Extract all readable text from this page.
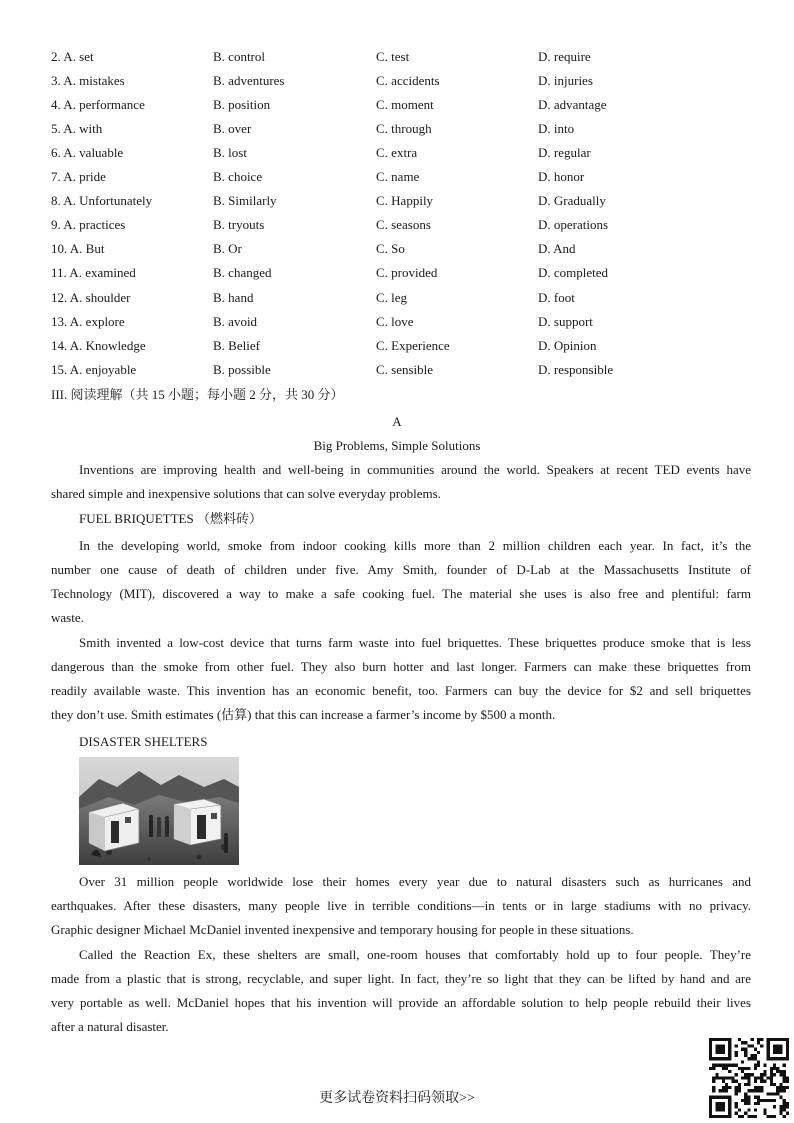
2. A. set	B. control	C. test	D. require
3. A. mistakes	B. adventures	C. accidents	D. injuries
4. A. performance	B. position	C. moment	D. advantage
5. A. with	B. over	C. through	D. into
6. A. valuable	B. lost	C. extra	D. regular
7. A. pride	B. choice	C. name	D. honor
8. A. Unfortunately	B. Similarly	C. Happily	D. Gradually
9. A. practices	B. tryouts	C. seasons	D. operations
10. A. But	B. Or	C. So	D. And
11. A. examined	B. changed	C. provided	D. completed
12. A. shoulder	B. hand	C. leg	D. foot
13. A. explore	B. avoid	C. love	D. support
14. A. Knowledge	B. Belief	C. Experience	D. Opinion
15. A. enjoyable	B. possible	C. sensible	D. responsible
III. 阅读理解（共 15 小题；每小题 2 分，共 30 分）
A
Big Problems, Simple Solutions
Inventions are improving health and well-being in communities around the world. Speakers at recent TED events have
shared simple and inexpensive solutions that can solve everyday problems.
FUEL BRIQUETTES （燃料砖）
In the developing world, smoke from indoor cooking kills more than 2 million children each year. In fact, it’s the
number one cause of death of children under five. Amy Smith, founder of D-Lab at the Massachusetts Institute of
Technology (MIT), discovered a way to make a safe cooking fuel. The material she uses is also free and plentiful: farm
waste.
Smith invented a low-cost device that turns farm waste into fuel briquettes. These briquettes produce smoke that is less
dangerous than the smoke from other fuel. They also burn hotter and last longer. Farmers can make these briquettes from
readily available waste. This invention has an economic benefit, too. Farmers can buy the device for $2 and sell briquettes
they don’t use. Smith estimates (估算) that this can increase a farmer’s income by $500 a month.
DISASTER SHELTERS
Over 31 million people worldwide lose their homes every year due to natural disasters such as hurricanes and
earthquakes. After these disasters, many people live in terrible conditions—in tents or in large stadiums with no privacy.
Graphic designer Michael McDaniel invented inexpensive and temporary housing for people in these situations.
Called the Reaction Ex, these shelters are small, one-room houses that comfortably hold up to four people. They’re
made from a plastic that is strong, recyclable, and super light. In fact, they’re so light that they can be lifted by hand and are
very portable as well. McDaniel hopes that his invention will provide an affordable solution to help people rebuild their lives
after a natural disaster.
更多试卷资料扫码领取>>
